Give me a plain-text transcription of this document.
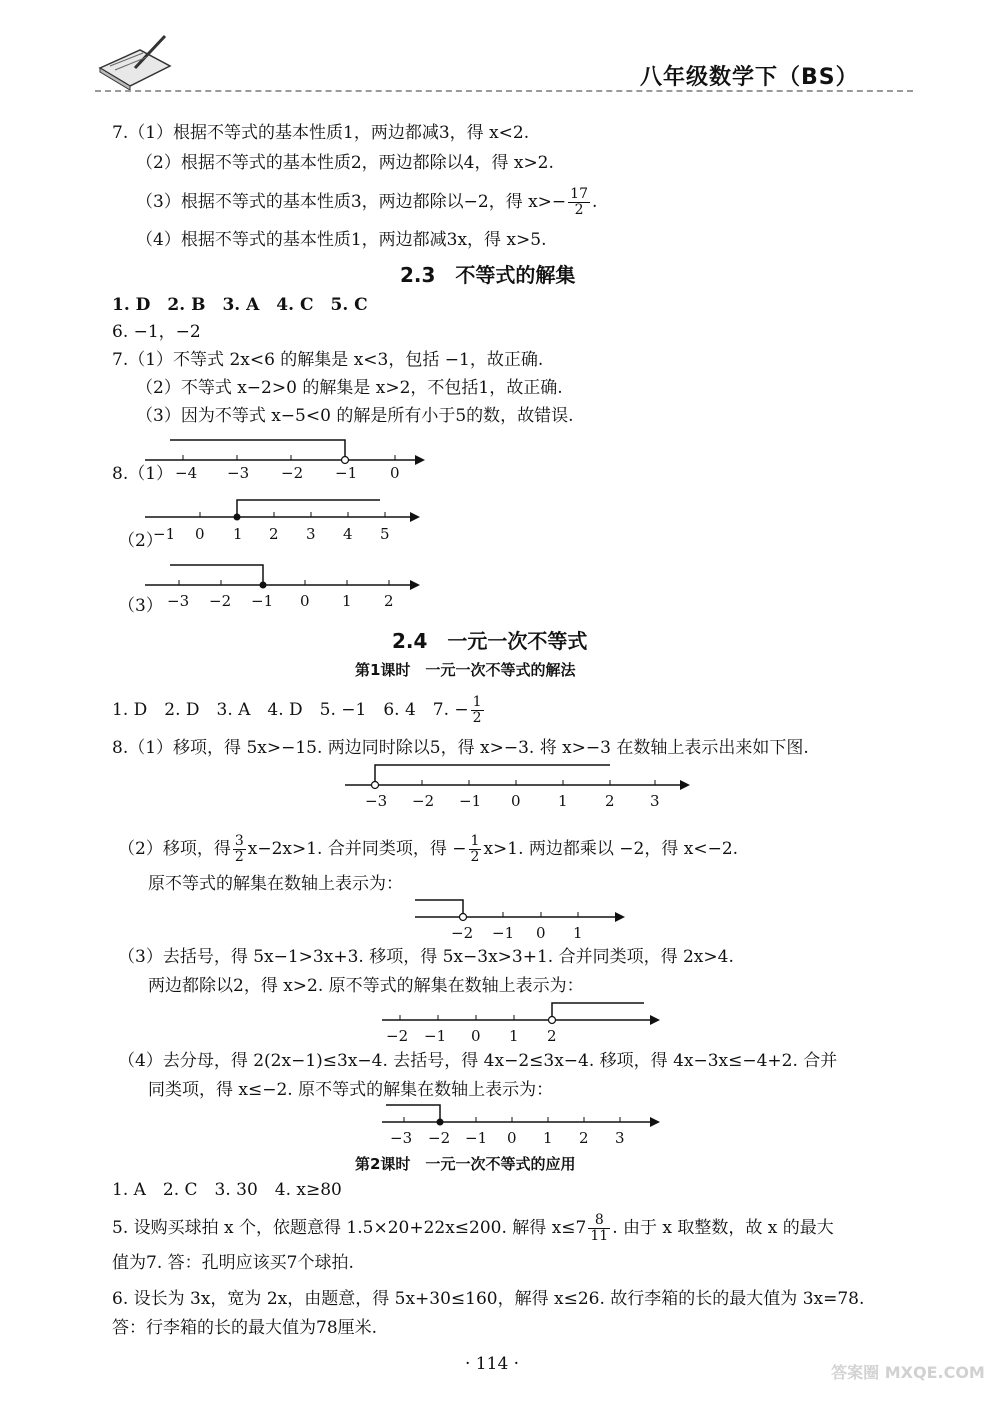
八年级数学下（BS）
7.（1）根据不等式的基本性质1，两边都减3，得 x<2.
（2）根据不等式的基本性质2，两边都除以4，得 x>2.
（3）根据不等式的基本性质3，两边都除以−2，得 $x>- \frac{17}{2}$ .
（4）根据不等式的基本性质1，两边都减3x，得 x>5.
2.3　不等式的解集
1. D　2. B　3. A　4. C　5. C
6. −1，−2
7.（1）不等式 2x<6 的解集是 x<3，包括 −1，故正确.
（2）不等式 x−2>0 的解集是 x>2，不包括1，故正确.
（3）因为不等式 x−5<0 的解是所有小于5的数，故错误.
8.（1）
（2）
（3）
−4 −3 −2 −1 0
−1 0 1 2 3 4 5
−3 −2 −1 0 1 2
2.4　一元一次不等式
第1课时　一元一次不等式的解法
1. D　2. D　3. A　4. D　5. −1　6. 4　7. − $\frac{1}{2}$
8.（1）移项，得 5x>−15. 两边同时除以5，得 x>−3. 将 x>−3 在数轴上表示出来如下图.
−3 −2 −1 0 1 2 3
（2）移项，得 $\frac{3}{2} x-2x>1$. 合并同类项，得 − $\frac{1}{2} x>1$. 两边都乘以 −2，得 x<−2.
原不等式的解集在数轴上表示为：
−2 −1 0 1
（3）去括号，得 5x−1>3x+3. 移项，得 5x−3x>3+1. 合并同类项，得 2x>4.
两边都除以2，得 x>2. 原不等式的解集在数轴上表示为：
−2 −1 0 1 2
（4）去分母，得 2(2x−1)≤3x−4. 去括号，得 4x−2≤3x−4. 移项，得 4x−3x≤−4+2. 合并
同类项，得 x≤−2. 原不等式的解集在数轴上表示为：
−3 −2 −1 0 1 2 3
第2课时　一元一次不等式的应用
1. A　2. C　3. 30　4. x≥80
5. 设购买球拍 x 个，依题意得 1.5×20+22x≤200. 解得 $x\le 7 \frac{8}{11}$ . 由于 x 取整数，故 x 的最大
值为7. 答：孔明应该买7个球拍.
6. 设长为 3x，宽为 2x，由题意，得 5x+30≤160，解得 x≤26. 故行李箱的长的最大值为 3x=78.
答：行李箱的长的最大值为78厘米.
· 114 ·	答案圈 MXQE.COM
